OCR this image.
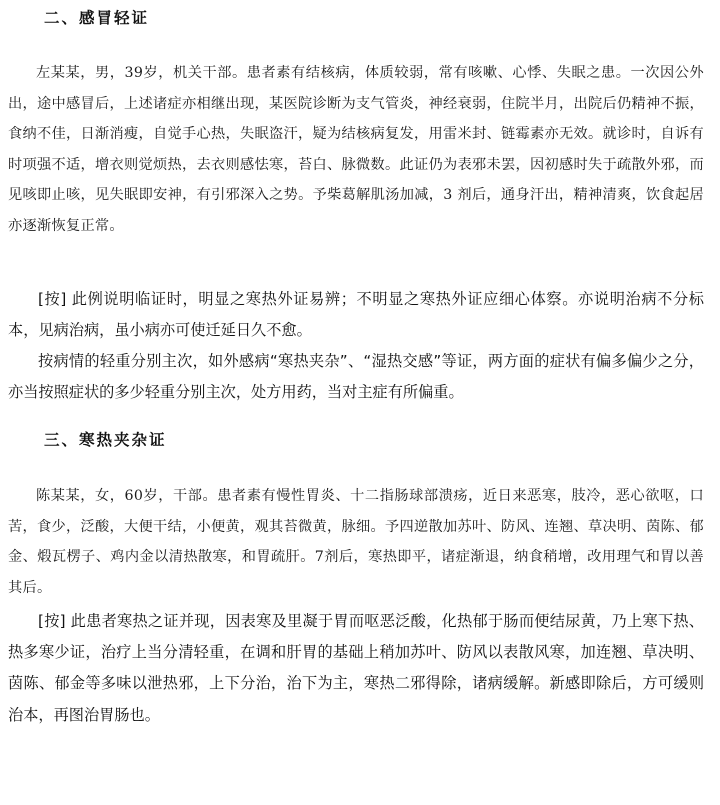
二、感冒轻证

左某某，男，39岁，机关干部。患者素有结核病，体质较弱，常有咳嗽、心悸、失眠之患。一次因公外出，途中感冒后，上述诸症亦相继出现，某医院诊断为支气管炎，神经衰弱，住院半月，出院后仍精神不振，食纳不佳，日渐消瘦，自觉手心热，失眠盗汗，疑为结核病复发，用雷米封、链霉素亦无效。就诊时，自诉有时项强不适，增衣则觉烦热，去衣则感怯寒，苔白、脉微数。此证仍为表邪未罢，因初感时失于疏散外邪，而见咳即止咳，见失眠即安神，有引邪深入之势。予柴葛解肌汤加减，3 剂后，通身汗出，精神清爽，饮食起居亦逐渐恢复正常。

[按] 此例说明临证时，明显之寒热外证易辨；不明显之寒热外证应细心体察。亦说明治病不分标本，见病治病，虽小病亦可使迁延日久不愈。

按病情的轻重分别主次，如外感病“寒热夹杂”、“湿热交感”等证，两方面的症状有偏多偏少之分，亦当按照症状的多少轻重分别主次，处方用药，当对主症有所偏重。

三、寒热夹杂证

陈某某，女，60岁，干部。患者素有慢性胃炎、十二指肠球部溃疡，近日来恶寒，肢冷，恶心欲呕，口苦，食少，泛酸，大便干结，小便黄，观其苔微黄，脉细。予四逆散加苏叶、防风、连翘、草决明、茵陈、郁金、煅瓦楞子、鸡内金以清热散寒，和胃疏肝。7剂后，寒热即平，诸症渐退，纳食稍增，改用理气和胃以善其后。

[按] 此患者寒热之证并现，因表寒及里凝于胃而呕恶泛酸，化热郁于肠而便结尿黄，乃上寒下热、热多寒少证，治疗上当分清轻重，在调和肝胃的基础上稍加苏叶、防风以表散风寒，加连翘、草决明、茵陈、郁金等多味以泄热邪，上下分治，治下为主，寒热二邪得除，诸病缓解。新感即除后，方可缓则治本，再图治胃肠也。
